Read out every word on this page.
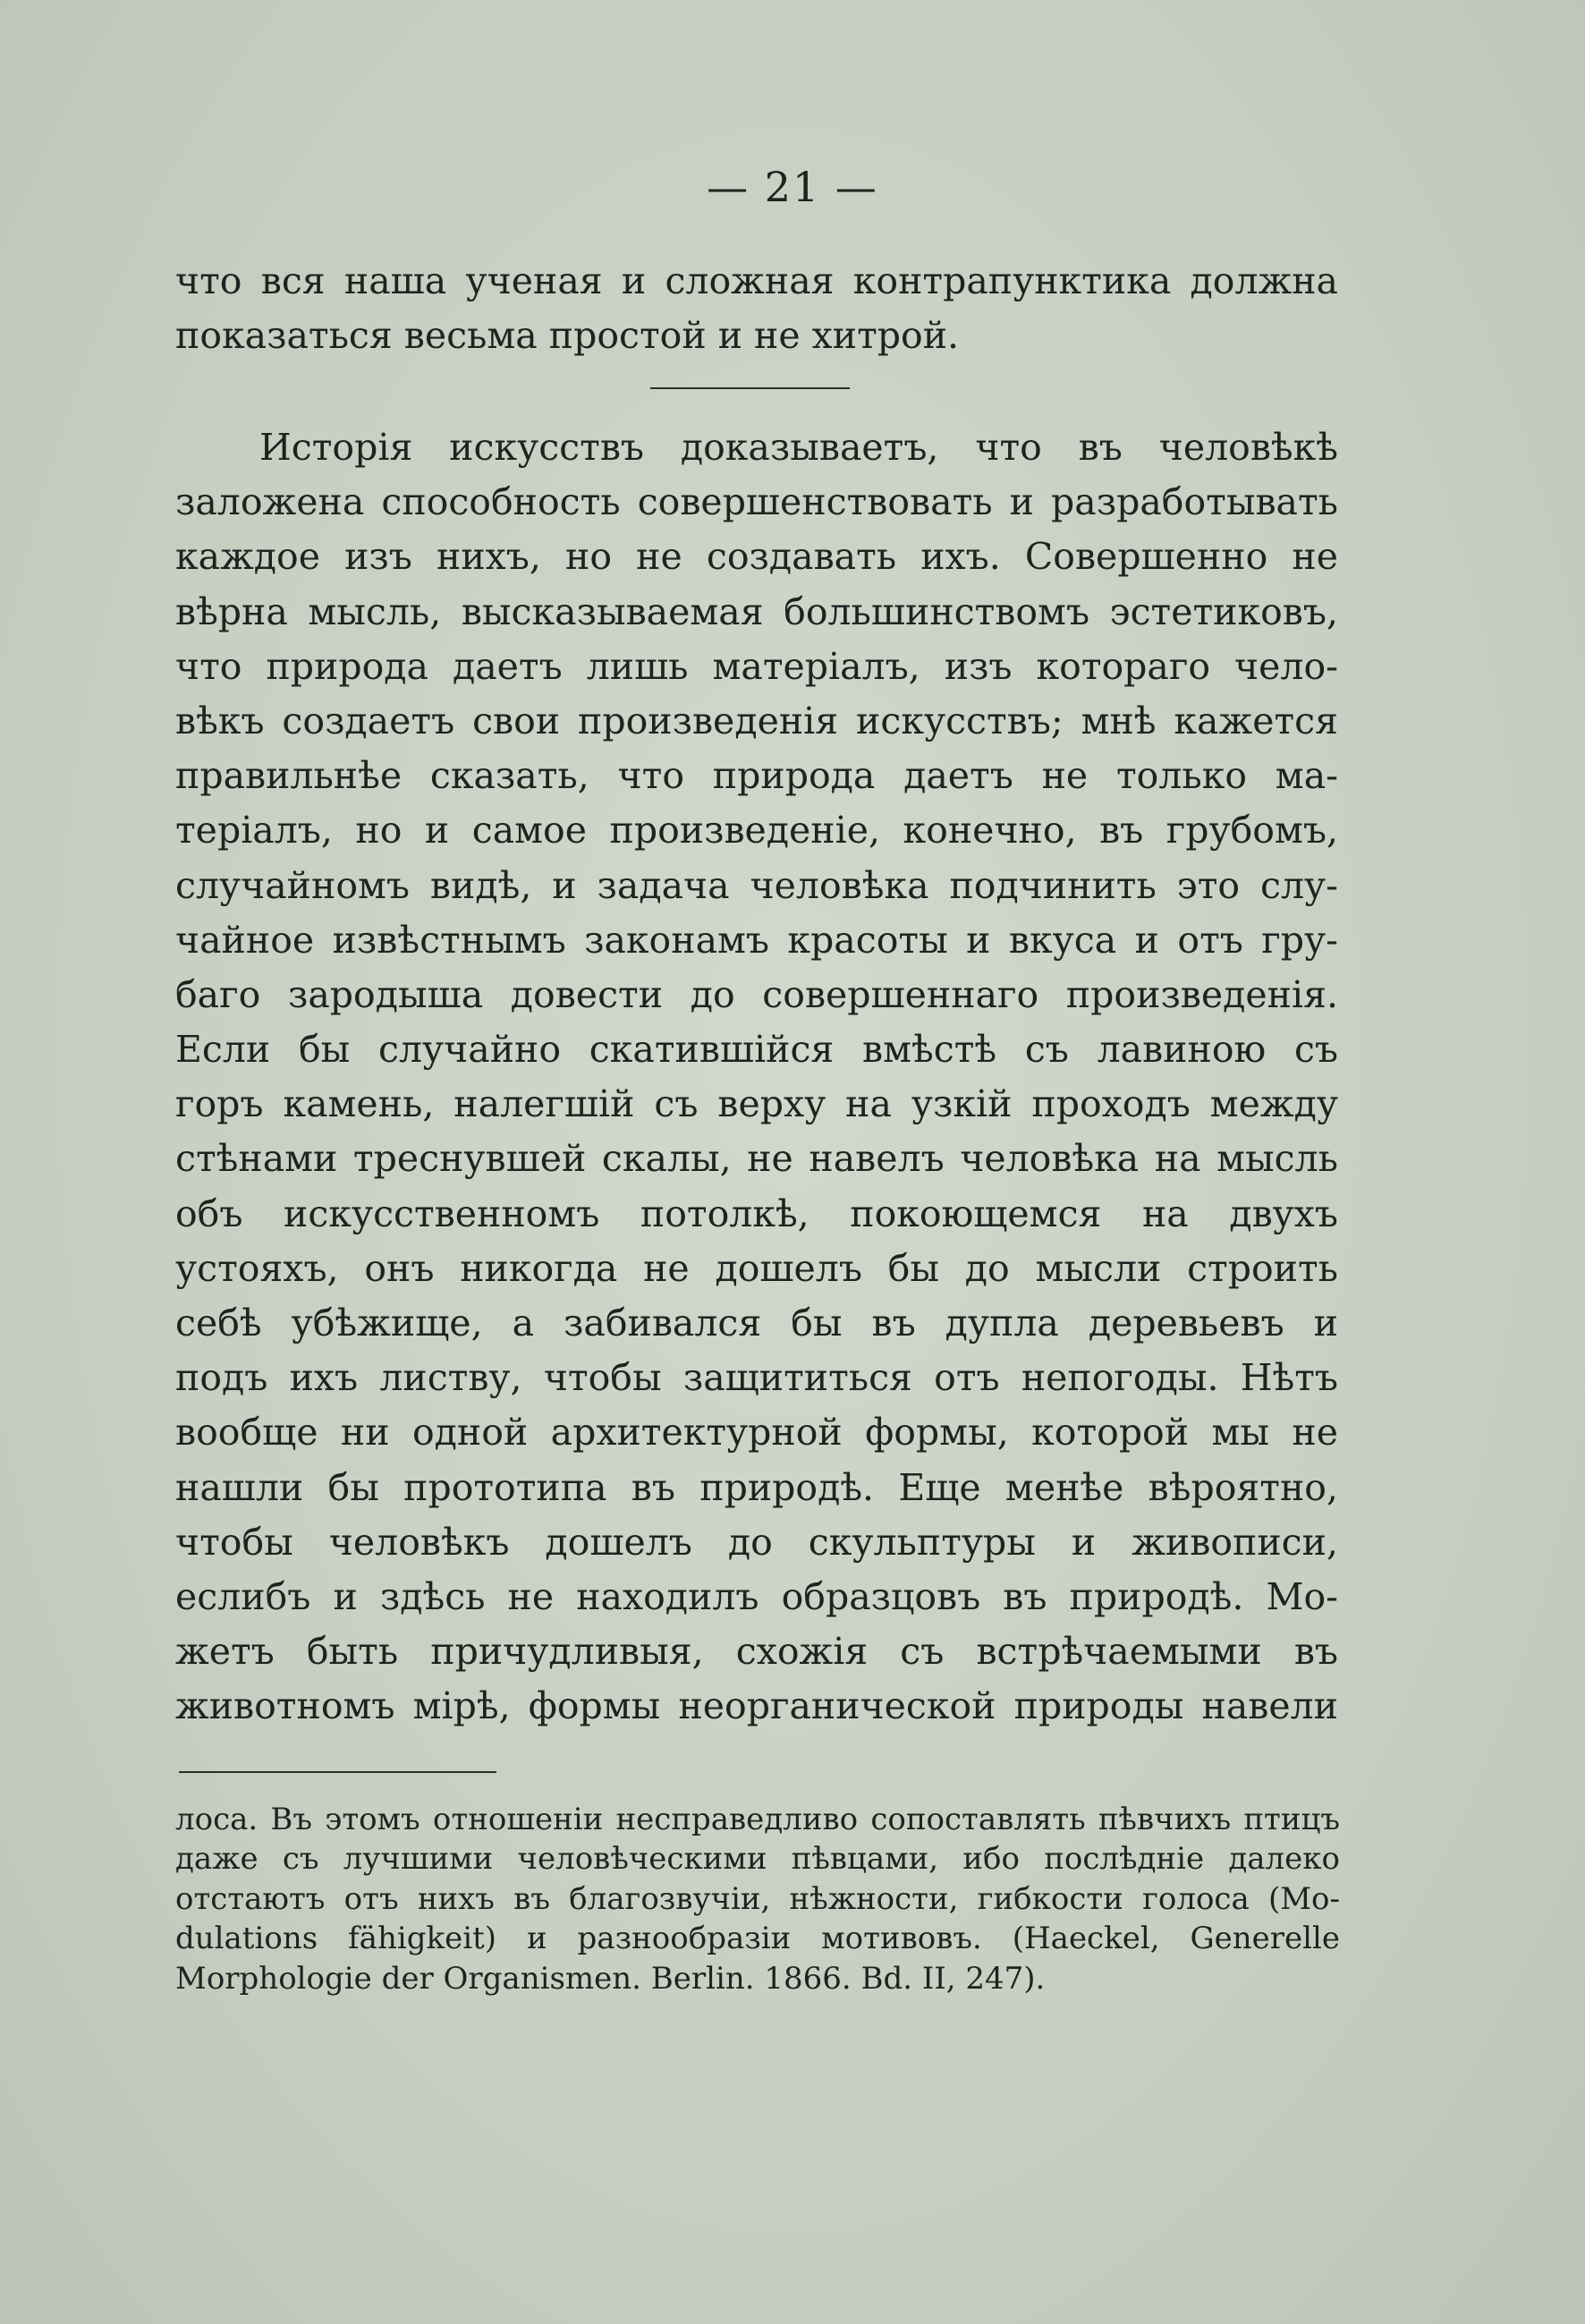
— 21 —
что вся наша ученая и сложная контрапунктика должна
показаться весьма простой и не хитрой.
Исторія искусствъ доказываетъ, что въ человѣкѣ
заложена способность совершенствовать и разработывать
каждое изъ нихъ, но не создавать ихъ. Совершенно не
вѣрна мысль, высказываемая большинствомъ эстетиковъ,
что природа даетъ лишь матеріалъ, изъ котораго чело-
вѣкъ создаетъ свои произведенія искусствъ; мнѣ кажется
правильнѣе сказать, что природа даетъ не только ма-
теріалъ, но и самое произведеніе, конечно, въ грубомъ,
случайномъ видѣ, и задача человѣка подчинить это слу-
чайное извѣстнымъ законамъ красоты и вкуса и отъ гру-
баго зародыша довести до совершеннаго произведенія.
Если бы случайно скатившійся вмѣстѣ съ лавиною съ
горъ камень, налегшій съ верху на узкій проходъ между
стѣнами треснувшей скалы, не навелъ человѣка на мысль
объ искусственномъ потолкѣ, покоющемся на двухъ
устояхъ, онъ никогда не дошелъ бы до мысли строить
себѣ убѣжище, а забивался бы въ дупла деревьевъ и
подъ ихъ листву, чтобы защититься отъ непогоды. Нѣтъ
вообще ни одной архитектурной формы, которой мы не
нашли бы прототипа въ природѣ. Еще менѣе вѣроятно,
чтобы человѣкъ дошелъ до скульптуры и живописи,
еслибъ и здѣсь не находилъ образцовъ въ природѣ. Мо-
жетъ быть причудливыя, схожія съ встрѣчаемыми въ
животномъ мірѣ, формы неорганической природы навели
лоса. Въ этомъ отношеніи несправедливо сопоставлять пѣвчихъ птицъ
даже съ лучшими человѣческими пѣвцами, ибо послѣдніе далеко
отстаютъ отъ нихъ въ благозвучіи, нѣжности, гибкости голоса (Mo-
dulations fähigkeit) и разнообразіи мотивовъ. (Haeckel, Generelle
Morphologie der Organismen. Berlin. 1866. Bd. II, 247).
